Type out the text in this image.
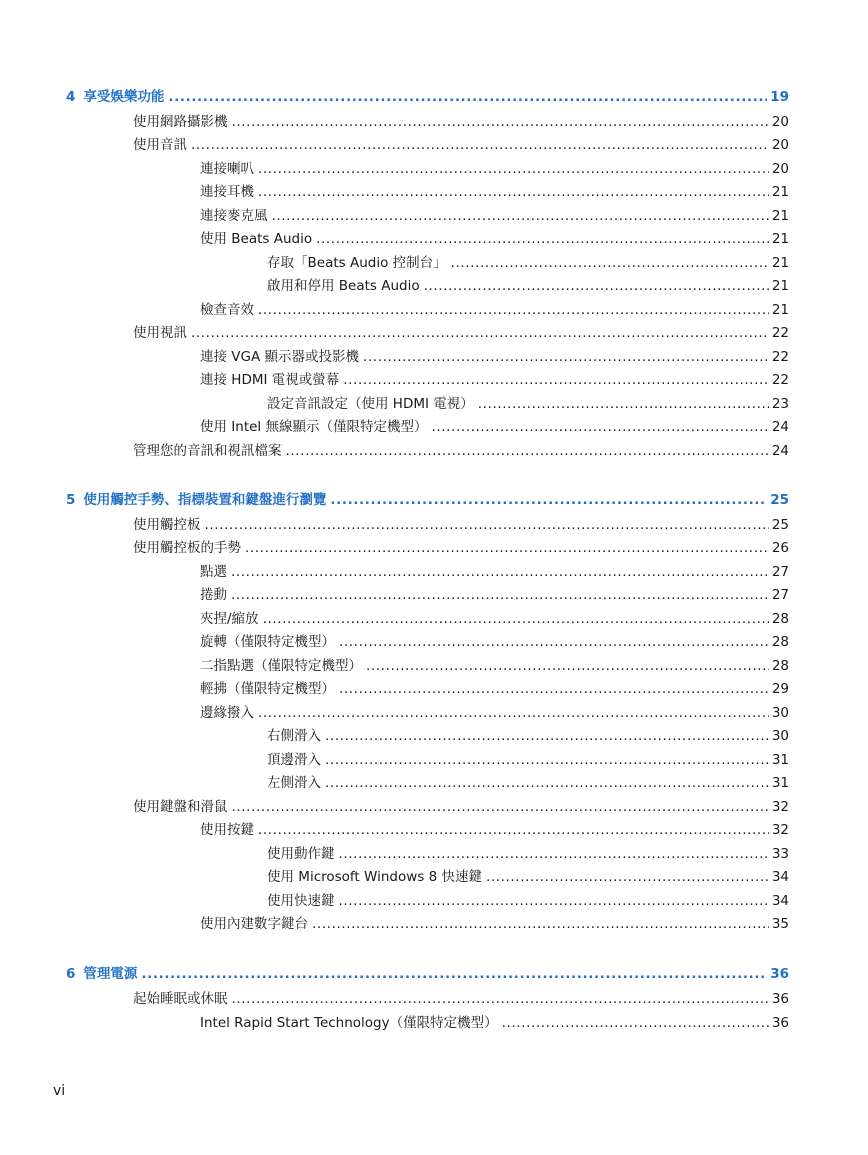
4 享受娛樂功能 .....	19
使用網路攝影機 .....	20
使用音訊 .....	20
連接喇叭 .....	20
連接耳機 .....	21
連接麥克風 .....	21
使用 Beats Audio .....	21
存取「Beats Audio 控制台」 .....	21
啟用和停用 Beats Audio .....	21
檢查音效 .....	21
使用視訊 .....	22
連接 VGA 顯示器或投影機 .....	22
連接 HDMI 電視或螢幕 .....	22
設定音訊設定（使用 HDMI 電視） .....	23
使用 Intel 無線顯示（僅限特定機型） .....	24
管理您的音訊和視訊檔案 .....	24
5 使用觸控手勢、指標裝置和鍵盤進行瀏覽 .....	25
使用觸控板 .....	25
使用觸控板的手勢 .....	26
點選 .....	27
捲動 .....	27
夾捏/縮放 .....	28
旋轉（僅限特定機型） .....	28
二指點選（僅限特定機型） .....	28
輕拂（僅限特定機型） .....	29
邊緣撥入 .....	30
右側滑入 .....	30
頂邊滑入 .....	31
左側滑入 .....	31
使用鍵盤和滑鼠 .....	32
使用按鍵 .....	32
使用動作鍵 .....	33
使用 Microsoft Windows 8 快速鍵 .....	34
使用快速鍵 .....	34
使用內建數字鍵台 .....	35
6 管理電源 .....	36
起始睡眠或休眠 .....	36
Intel Rapid Start Technology（僅限特定機型） .....	36
vi
